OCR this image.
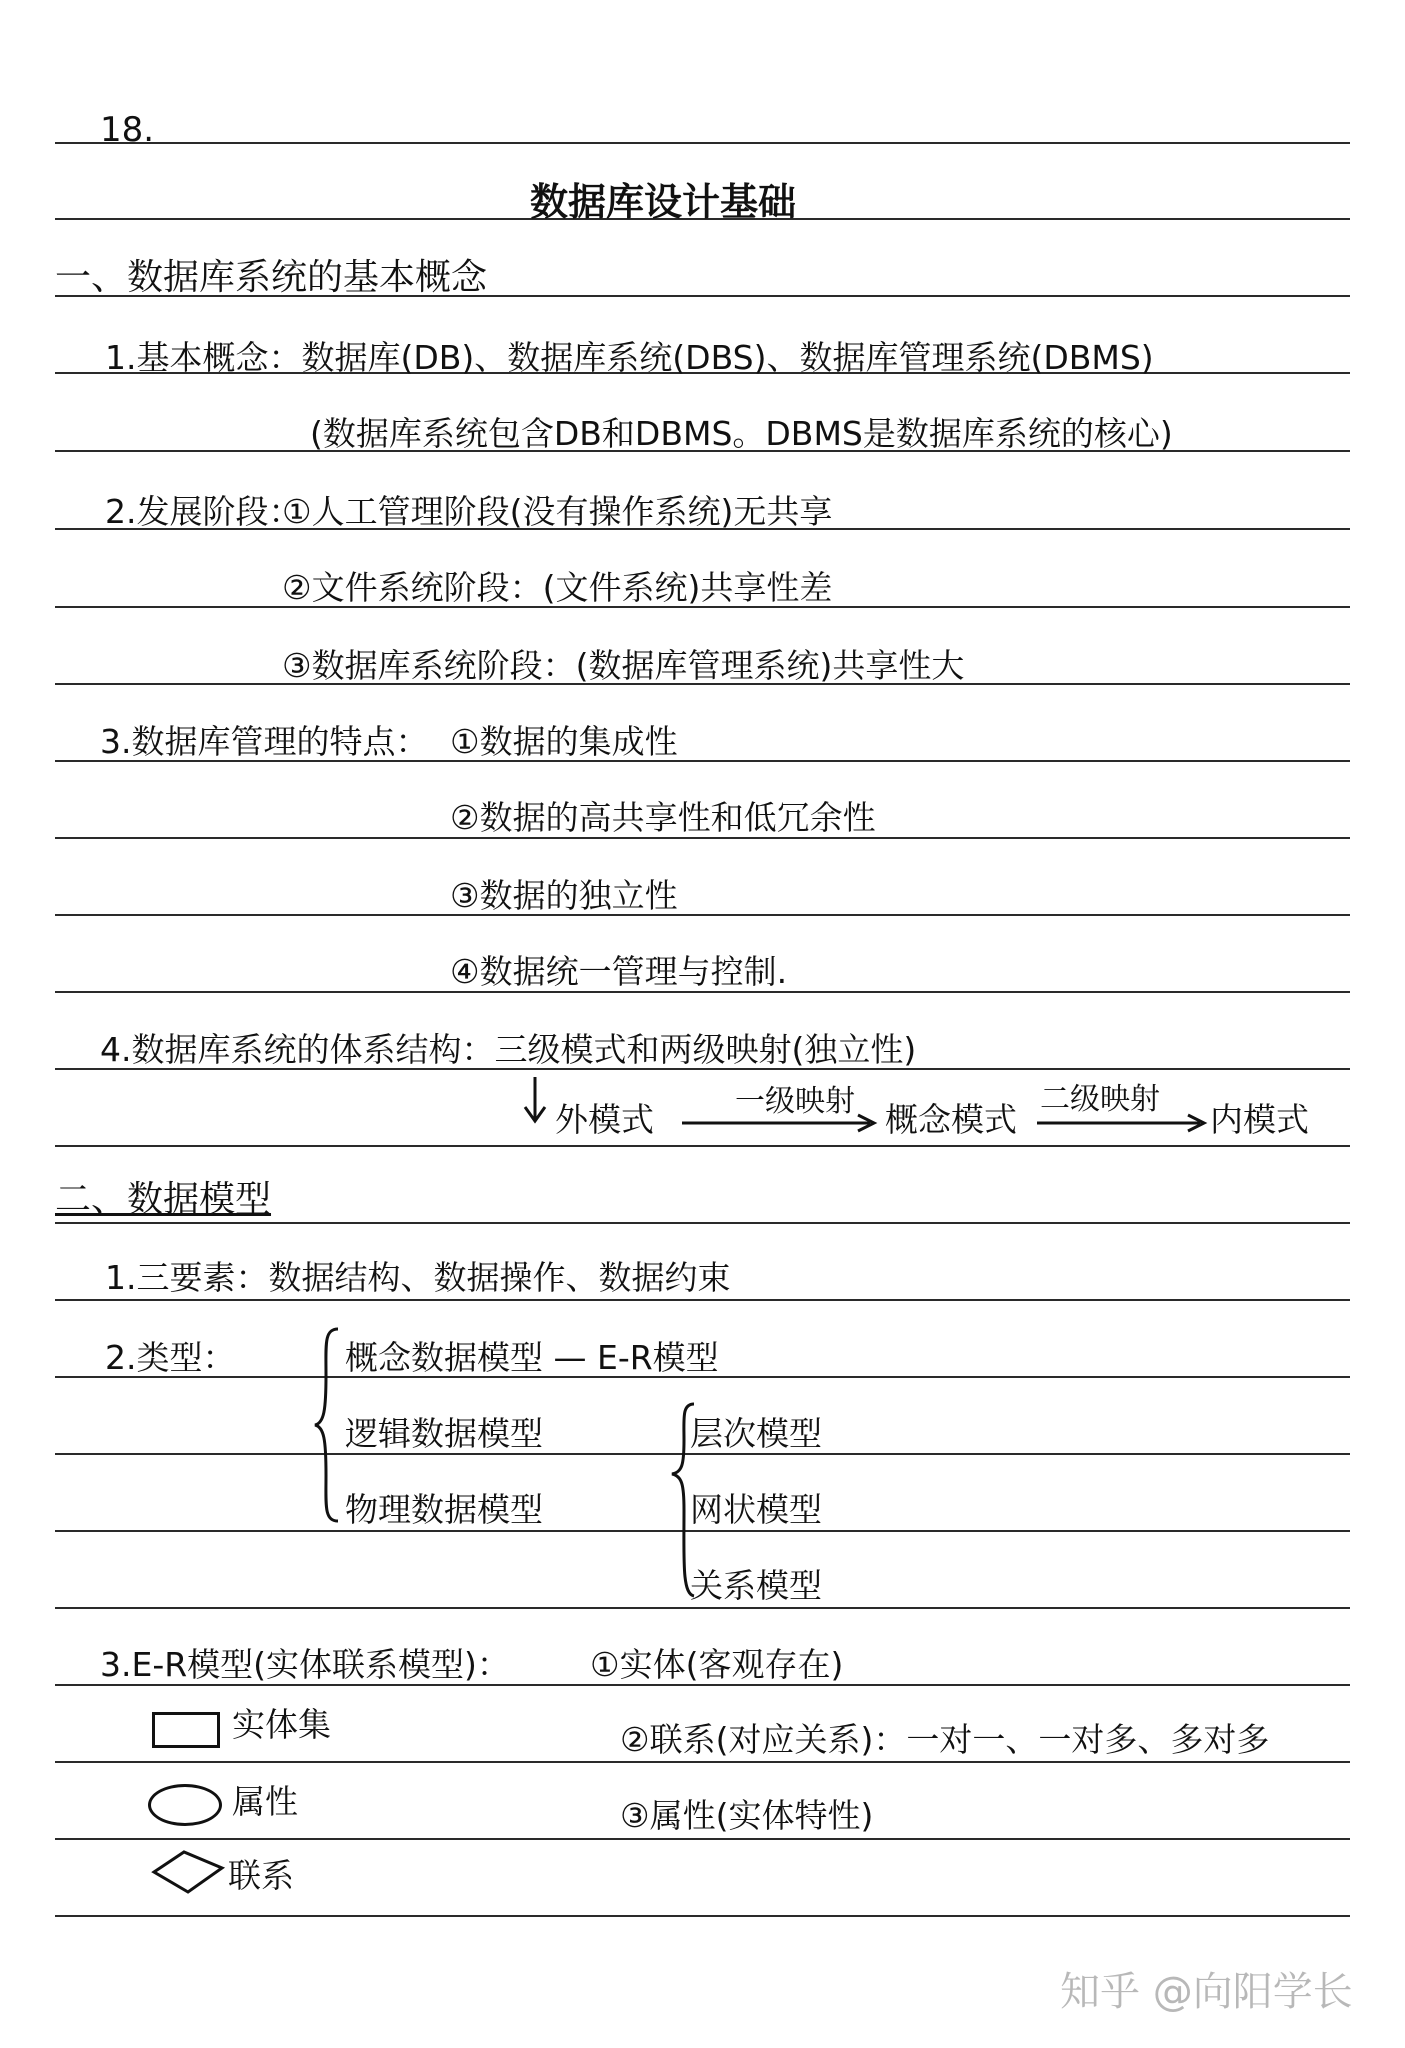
18.
数据库设计基础
一、数据库系统的基本概念
1.基本概念：数据库(DB)、数据库系统(DBS)、数据库管理系统(DBMS)
(数据库系统包含DB和DBMS。DBMS是数据库系统的核心)
2.发展阶段：
①人工管理阶段(没有操作系统)无共享
②文件系统阶段：(文件系统)共享性差
③数据库系统阶段：(数据库管理系统)共享性大
3.数据库管理的特点： ①数据的集成性
②数据的高共享性和低冗余性
③数据的独立性
④数据统一管理与控制.
4.数据库系统的体系结构：三级模式和两级映射(独立性)
外模式	一级映射 概念模式
二级映射
内模式
二、数据模型
1.三要素：数据结构、数据操作、数据约束
2.类型：	概念数据模型 — E-R模型
逻辑数据模型
物理数据模型
层次模型
网状模型
关系模型
3.E-R模型(实体联系模型)： ①实体(客观存在)
②联系(对应关系)：一对一、一对多、多对多
③属性(实体特性)
实体集
属性
联系
知乎 @向阳学长
